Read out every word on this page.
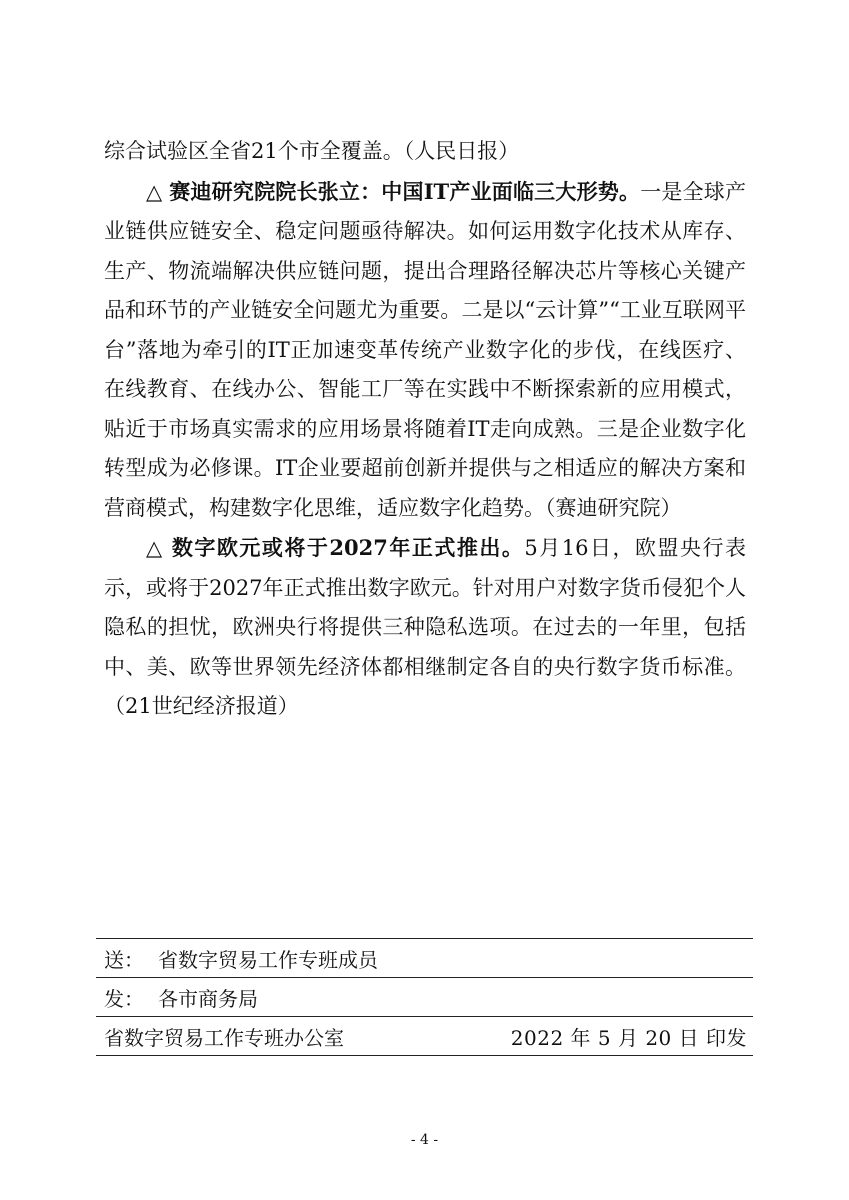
综合试验区全省21个市全覆盖。（人民日报）

△ 赛迪研究院院长张立：中国IT产业面临三大形势。一是全球产业链供应链安全、稳定问题亟待解决。如何运用数字化技术从库存、生产、物流端解决供应链问题，提出合理路径解决芯片等核心关键产品和环节的产业链安全问题尤为重要。二是以“云计算”“工业互联网平台”落地为牵引的IT正加速变革传统产业数字化的步伐，在线医疗、在线教育、在线办公、智能工厂等在实践中不断探索新的应用模式，贴近于市场真实需求的应用场景将随着IT走向成熟。三是企业数字化转型成为必修课。IT企业要超前创新并提供与之相适应的解决方案和营商模式，构建数字化思维，适应数字化趋势。（赛迪研究院）

△ 数字欧元或将于2027年正式推出。5月16日，欧盟央行表示，或将于2027年正式推出数字欧元。针对用户对数字货币侵犯个人隐私的担忧，欧洲央行将提供三种隐私选项。在过去的一年里，包括中、美、欧等世界领先经济体都相继制定各自的央行数字货币标准。（21世纪经济报道）

送： 省数字贸易工作专班成员
发： 各市商务局
省数字贸易工作专班办公室	2022 年 5 月 20 日 印发
- 4 -
